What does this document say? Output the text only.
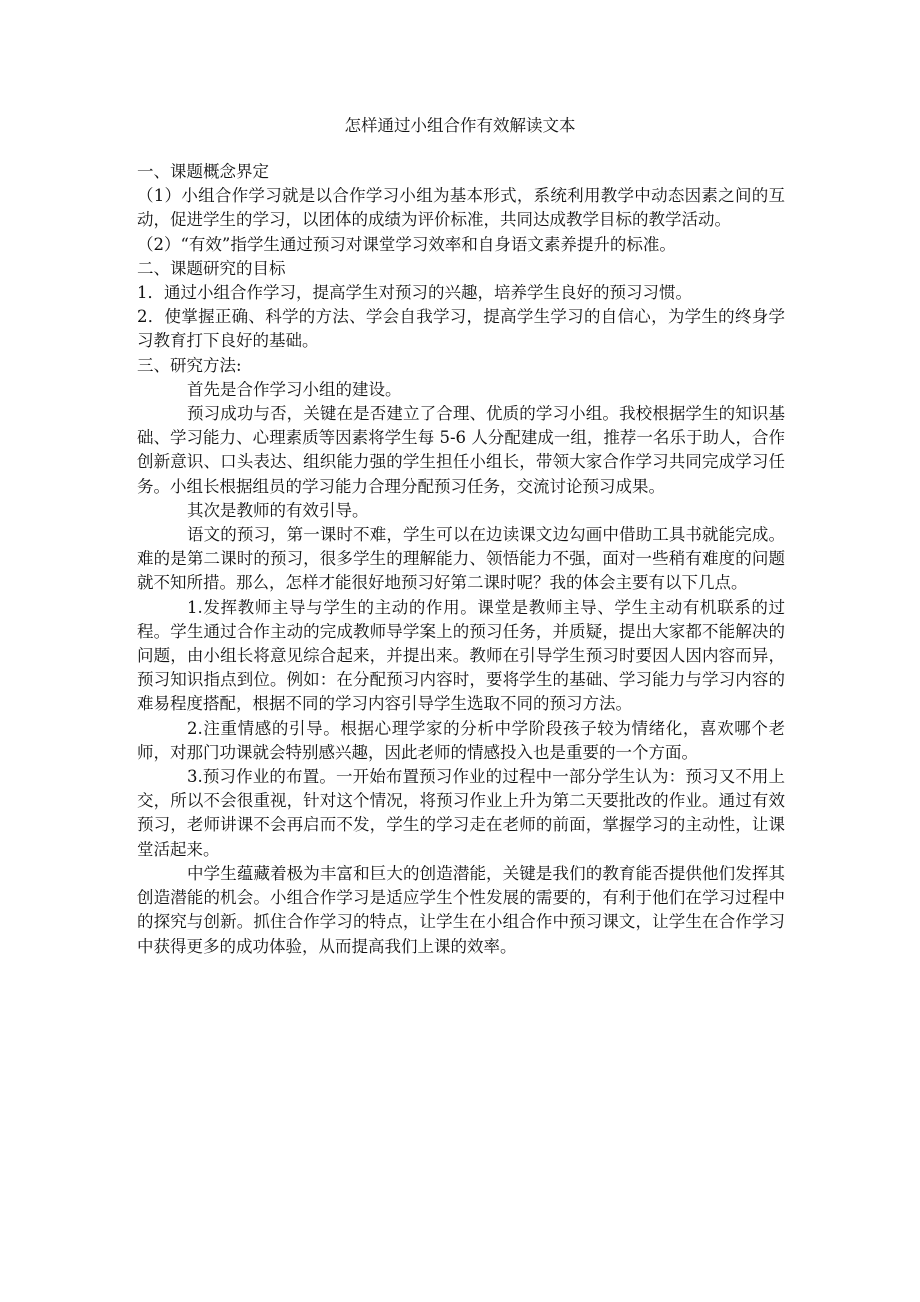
怎样通过小组合作有效解读文本

一、课题概念界定

（1）小组合作学习就是以合作学习小组为基本形式，系统利用教学中动态因素之间的互动，促进学生的学习，以团体的成绩为评价标准，共同达成教学目标的教学活动。

（2）“有效”指学生通过预习对课堂学习效率和自身语文素养提升的标准。

二、课题研究的目标

1．通过小组合作学习，提高学生对预习的兴趣，培养学生良好的预习习惯。

2．使掌握正确、科学的方法、学会自我学习，提高学生学习的自信心，为学生的终身学习教育打下良好的基础。

三、研究方法:

首先是合作学习小组的建设。

预习成功与否，关键在是否建立了合理、优质的学习小组。我校根据学生的知识基础、学习能力、心理素质等因素将学生每 5-6 人分配建成一组，推荐一名乐于助人，合作创新意识、口头表达、组织能力强的学生担任小组长，带领大家合作学习共同完成学习任务。小组长根据组员的学习能力合理分配预习任务，交流讨论预习成果。

其次是教师的有效引导。

语文的预习，第一课时不难，学生可以在边读课文边勾画中借助工具书就能完成。难的是第二课时的预习，很多学生的理解能力、领悟能力不强，面对一些稍有难度的问题就不知所措。那么，怎样才能很好地预习好第二课时呢？我的体会主要有以下几点。

1.发挥教师主导与学生的主动的作用。课堂是教师主导、学生主动有机联系的过程。学生通过合作主动的完成教师导学案上的预习任务，并质疑，提出大家都不能解决的问题，由小组长将意见综合起来，并提出来。教师在引导学生预习时要因人因内容而异，预习知识指点到位。例如：在分配预习内容时，要将学生的基础、学习能力与学习内容的难易程度搭配，根据不同的学习内容引导学生选取不同的预习方法。

2.注重情感的引导。根据心理学家的分析中学阶段孩子较为情绪化，喜欢哪个老师，对那门功课就会特别感兴趣，因此老师的情感投入也是重要的一个方面。

3.预习作业的布置。一开始布置预习作业的过程中一部分学生认为：预习又不用上交，所以不会很重视，针对这个情况，将预习作业上升为第二天要批改的作业。通过有效预习，老师讲课不会再启而不发，学生的学习走在老师的前面，掌握学习的主动性，让课堂活起来。

中学生蕴藏着极为丰富和巨大的创造潜能，关键是我们的教育能否提供他们发挥其创造潜能的机会。小组合作学习是适应学生个性发展的需要的，有利于他们在学习过程中的探究与创新。抓住合作学习的特点，让学生在小组合作中预习课文，让学生在合作学习中获得更多的成功体验，从而提高我们上课的效率。
